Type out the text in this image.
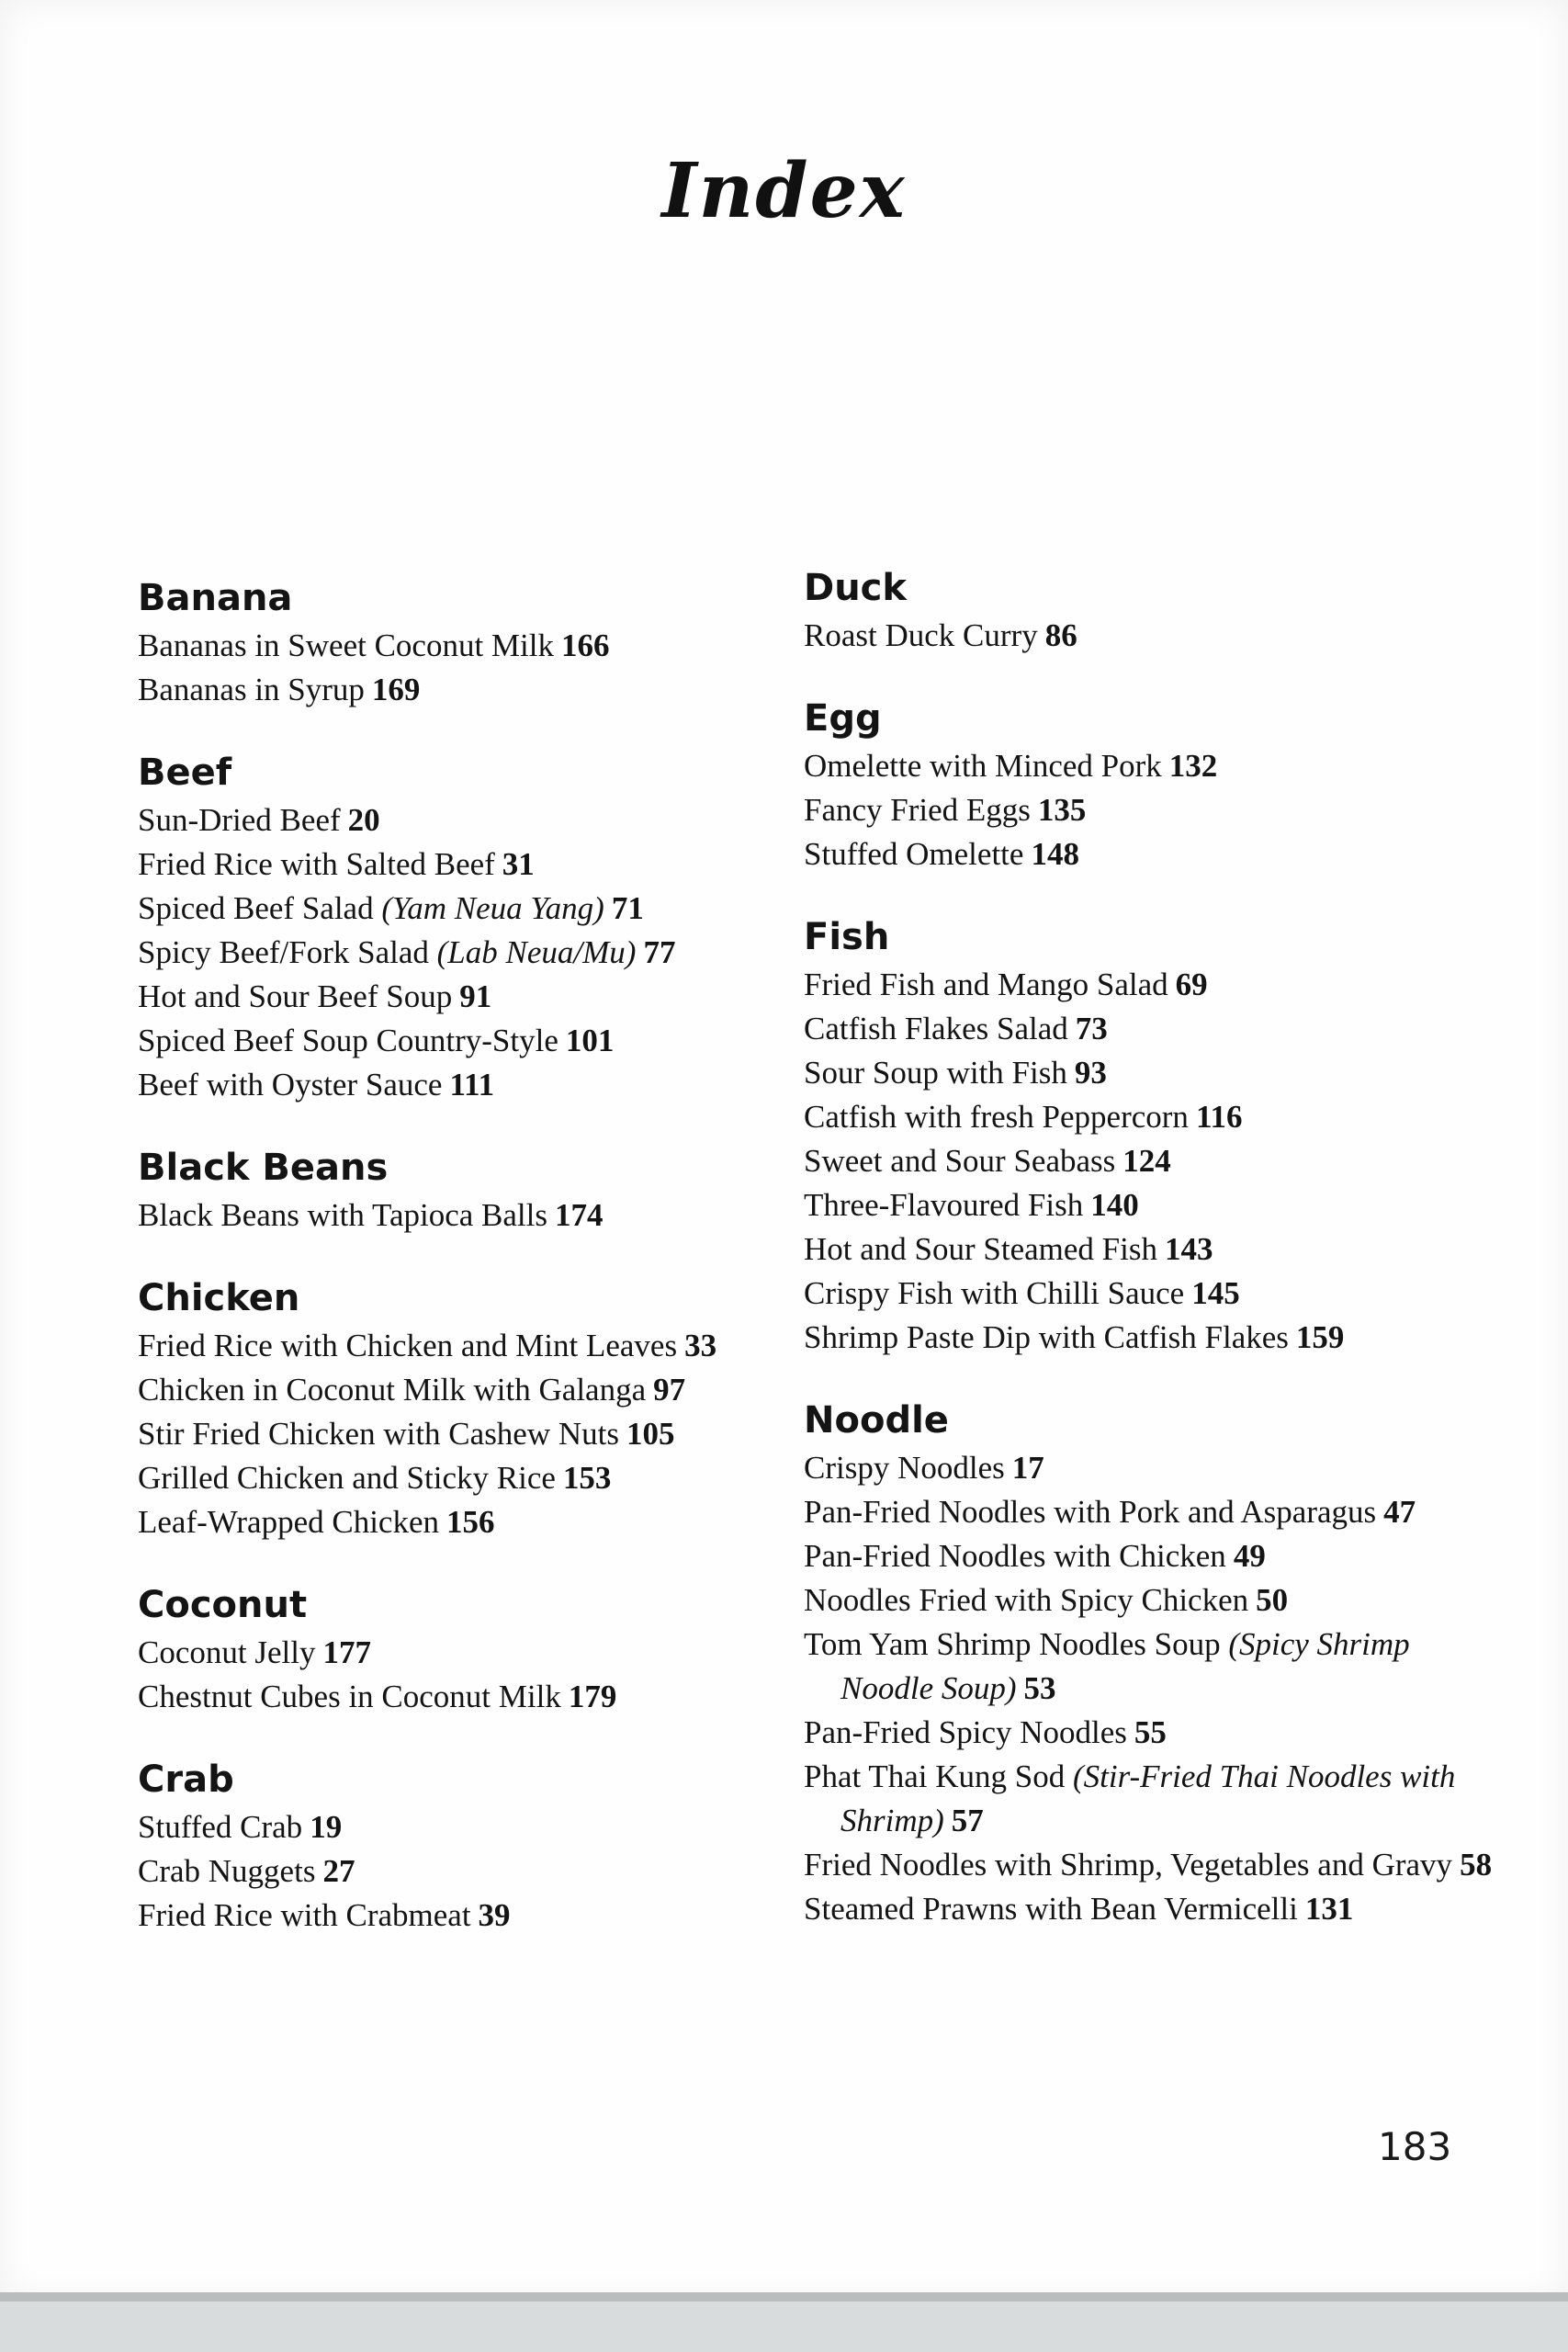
Index
Banana
Bananas in Sweet Coconut Milk 166
Bananas in Syrup 169
Beef
Sun-Dried Beef 20
Fried Rice with Salted Beef 31
Spiced Beef Salad (Yam Neua Yang) 71
Spicy Beef/Fork Salad (Lab Neua/Mu) 77
Hot and Sour Beef Soup 91
Spiced Beef Soup Country-Style 101
Beef with Oyster Sauce 111
Black Beans
Black Beans with Tapioca Balls 174
Chicken
Fried Rice with Chicken and Mint Leaves 33
Chicken in Coconut Milk with Galanga 97
Stir Fried Chicken with Cashew Nuts 105
Grilled Chicken and Sticky Rice 153
Leaf-Wrapped Chicken 156
Coconut
Coconut Jelly 177
Chestnut Cubes in Coconut Milk 179
Crab
Stuffed Crab 19
Crab Nuggets 27
Fried Rice with Crabmeat 39
Duck
Roast Duck Curry 86
Egg
Omelette with Minced Pork 132
Fancy Fried Eggs 135
Stuffed Omelette 148
Fish
Fried Fish and Mango Salad 69
Catfish Flakes Salad 73
Sour Soup with Fish 93
Catfish with fresh Peppercorn 116
Sweet and Sour Seabass 124
Three-Flavoured Fish 140
Hot and Sour Steamed Fish 143
Crispy Fish with Chilli Sauce 145
Shrimp Paste Dip with Catfish Flakes 159
Noodle
Crispy Noodles 17
Pan-Fried Noodles with Pork and Asparagus 47
Pan-Fried Noodles with Chicken 49
Noodles Fried with Spicy Chicken 50
Tom Yam Shrimp Noodles Soup (Spicy Shrimp Noodle Soup) 53
Pan-Fried Spicy Noodles 55
Phat Thai Kung Sod (Stir-Fried Thai Noodles with Shrimp) 57
Fried Noodles with Shrimp, Vegetables and Gravy 58
Steamed Prawns with Bean Vermicelli 131
183
